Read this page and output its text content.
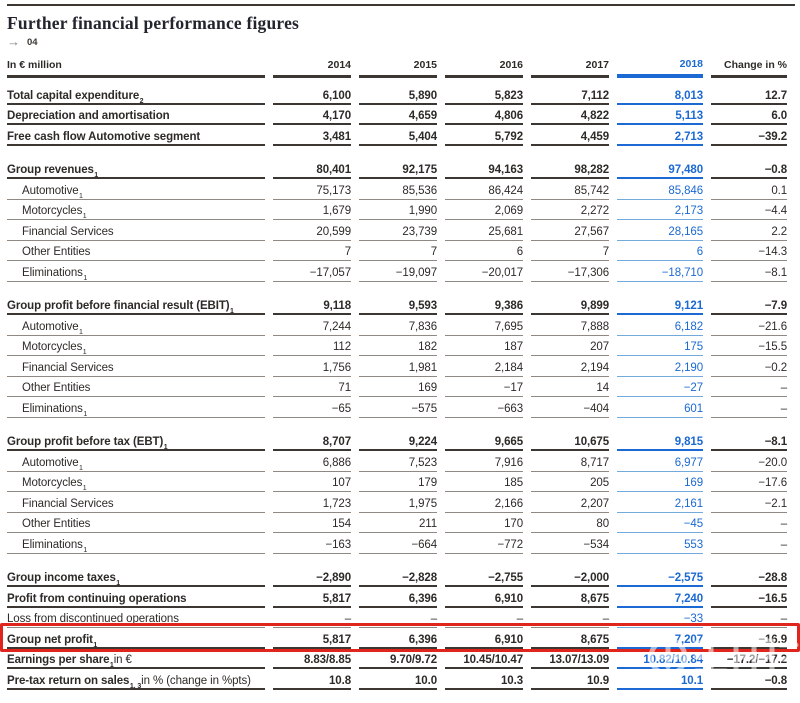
Further financial performance figures
→ 04
In € million	2014	2015	2016	2017	2018	Change in %
Total capital expenditure 2	6,100	5,890	5,823	7,112	8,013	12.7
Depreciation and amortisation	4,170	4,659	4,806	4,822	5,113	6.0
Free cash flow Automotive segment	3,481	5,404	5,792	4,459	2,713	−39.2
Group revenues 1	80,401	92,175	94,163	98,282	97,480	−0.8
Automotive 1	75,173	85,536	86,424	85,742	85,846	0.1
Motorcycles 1	1,679	1,990	2,069	2,272	2,173	−4.4
Financial Services	20,599	23,739	25,681	27,567	28,165	2.2
Other Entities	7	7	6	7	6	−14.3
Eliminations 1	−17,057	−19,097	−20,017	−17,306	−18,710	−8.1
Group profit before financial result (EBIT) 1	9,118	9,593	9,386	9,899	9,121	−7.9
Automotive 1	7,244	7,836	7,695	7,888	6,182	−21.6
Motorcycles 1	112	182	187	207	175	−15.5
Financial Services	1,756	1,981	2,184	2,194	2,190	−0.2
Other Entities	71	169	−17	14	−27	–
Eliminations 1	−65	−575	−663	−404	601	–
Group profit before tax (EBT) 1	8,707	9,224	9,665	10,675	9,815	−8.1
Automotive 1	6,886	7,523	7,916	8,717	6,977	−20.0
Motorcycles 1	107	179	185	205	169	−17.6
Financial Services	1,723	1,975	2,166	2,207	2,161	−2.1
Other Entities	154	211	170	80	−45	–
Eliminations 1	−163	−664	−772	−534	553	–
Group income taxes 1	−2,890	−2,828	−2,755	−2,000	−2,575	−28.8
Profit from continuing operations	5,817	6,396	6,910	8,675	7,240	−16.5
Loss from discontinued operations	–	–	–	–	−33	–
Group net profit 1	5,817	6,396	6,910	8,675	7,207	−16.9
Earnings per share 1 in €	8.83/8.85	9.70/9.72	10.45/10.47	13.07/13.09	10.82/10.84	−17.2/−17.2
Pre-tax return on sales 1, 3 in % (change in %pts)	10.8	10.0	10.3	10.9	10.1	−0.8
